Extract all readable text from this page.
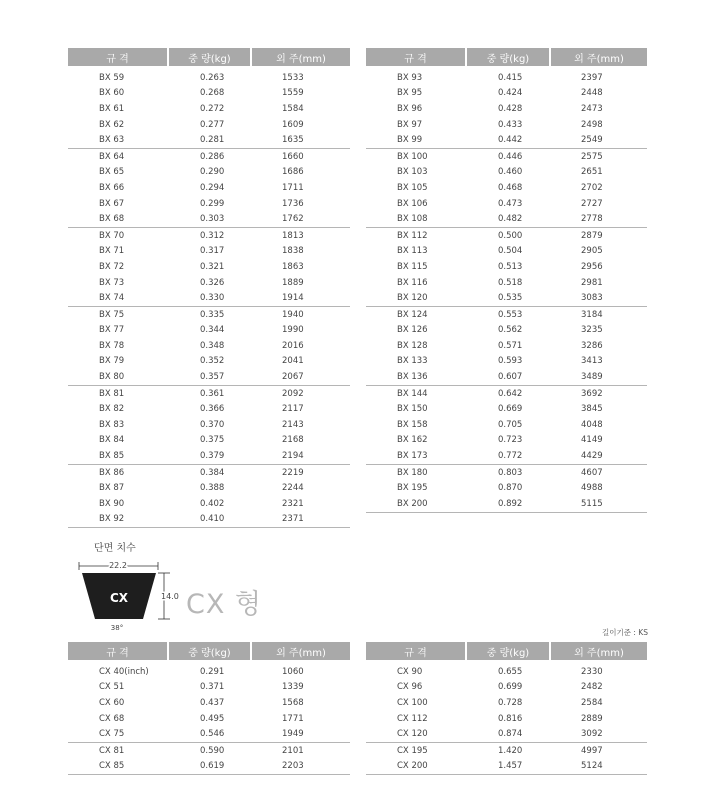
규 격	중 량(kg)	외 주(mm)
BX 59	0.263	1533
BX 60	0.268	1559
BX 61	0.272	1584
BX 62	0.277	1609
BX 63	0.281	1635
BX 64	0.286	1660
BX 65	0.290	1686
BX 66	0.294	1711
BX 67	0.299	1736
BX 68	0.303	1762
BX 70	0.312	1813
BX 71	0.317	1838
BX 72	0.321	1863
BX 73	0.326	1889
BX 74	0.330	1914
BX 75	0.335	1940
BX 77	0.344	1990
BX 78	0.348	2016
BX 79	0.352	2041
BX 80	0.357	2067
BX 81	0.361	2092
BX 82	0.366	2117
BX 83	0.370	2143
BX 84	0.375	2168
BX 85	0.379	2194
BX 86	0.384	2219
BX 87	0.388	2244
BX 90	0.402	2321
BX 92	0.410	2371
규 격	중 량(kg)	외 주(mm)
BX 93	0.415	2397
BX 95	0.424	2448
BX 96	0.428	2473
BX 97	0.433	2498
BX 99	0.442	2549
BX 100	0.446	2575
BX 103	0.460	2651
BX 105	0.468	2702
BX 106	0.473	2727
BX 108	0.482	2778
BX 112	0.500	2879
BX 113	0.504	2905
BX 115	0.513	2956
BX 116	0.518	2981
BX 120	0.535	3083
BX 124	0.553	3184
BX 126	0.562	3235
BX 128	0.571	3286
BX 133	0.593	3413
BX 136	0.607	3489
BX 144	0.642	3692
BX 150	0.669	3845
BX 158	0.705	4048
BX 162	0.723	4149
BX 173	0.772	4429
BX 180	0.803	4607
BX 195	0.870	4988
BX 200	0.892	5115
단면 치수
22.2
CX	14.0
38°
CX 형
길이기준 : KS
규 격	중 량(kg)	외 주(mm)
CX 40(inch)	0.291	1060
CX 51	0.371	1339
CX 60	0.437	1568
CX 68	0.495	1771
CX 75	0.546	1949
CX 81	0.590	2101
CX 85	0.619	2203
규 격	중 량(kg)	외 주(mm)
CX 90	0.655	2330
CX 96	0.699	2482
CX 100	0.728	2584
CX 112	0.816	2889
CX 120	0.874	3092
CX 195	1.420	4997
CX 200	1.457	5124
